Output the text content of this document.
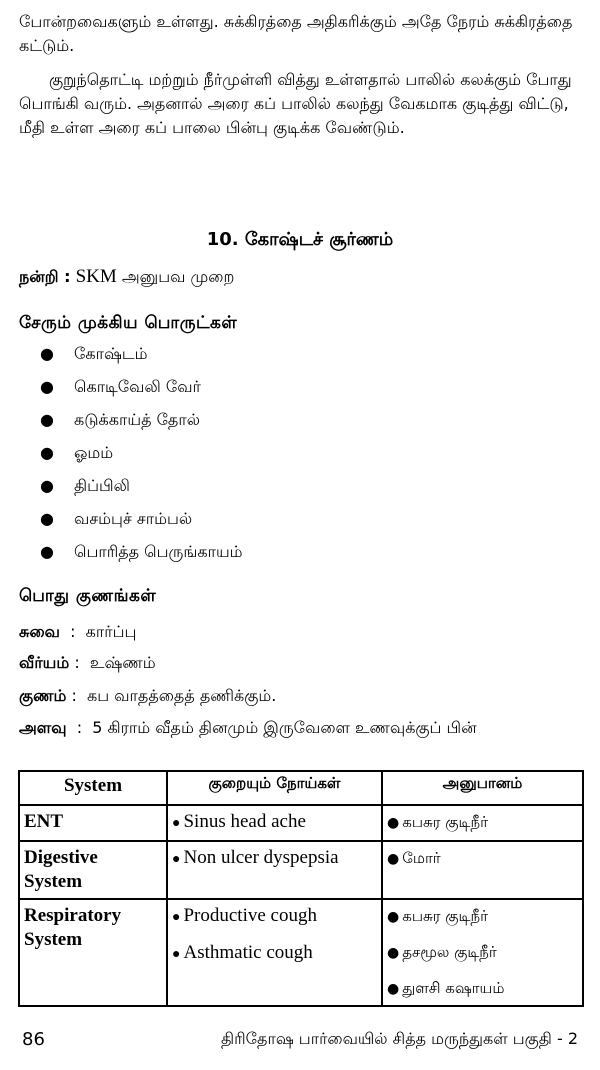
போன்றவைகளும் உள்ளது. சுக்கிரத்தை அதிகரிக்கும் அதே நேரம் சுக்கிரத்தை கட்டும்.

குறுந்தொட்டி மற்றும் நீர்முள்ளி வித்து உள்ளதால் பாலில் கலக்கும் போது பொங்கி வரும். அதனால் அரை கப் பாலில் கலந்து வேகமாக குடித்து விட்டு, மீதி உள்ள அரை கப் பாலை பின்பு குடிக்க வேண்டும்.

10. கோஷ்டச் சூர்ணம்
நன்றி : SKM அனுபவ முறை
சேரும் முக்கிய பொருட்கள்
● கோஷ்டம்
● கொடிவேலி வேர்
● கடுக்காய்த் தோல்
● ஓமம்
● திப்பிலி
● வசம்புச் சாம்பல்
● பொரித்த பெருங்காயம்
பொது குணங்கள்
சுவை  :  கார்ப்பு
வீர்யம் :  உஷ்ணம்
குணம் :  கப வாதத்தைத் தணிக்கும்.
அளவு  :  5 கிராம் வீதம் தினமும் இருவேளை உணவுக்குப் பின்
System	குறையும் நோய்கள்	அனுபானம்
ENT	● Sinus head ache	● கபசுர குடிநீர்

Digestive
System	● Non ulcer dyspepsia	● மோர்

Respiratory
System	● Productive cough
● Asthmatic cough	● கபசுர குடிநீர்
● தசமூல குடிநீர்
● துளசி கஷாயம்
86	திரிதோஷ பார்வையில் சித்த மருந்துகள் பகுதி - 2
